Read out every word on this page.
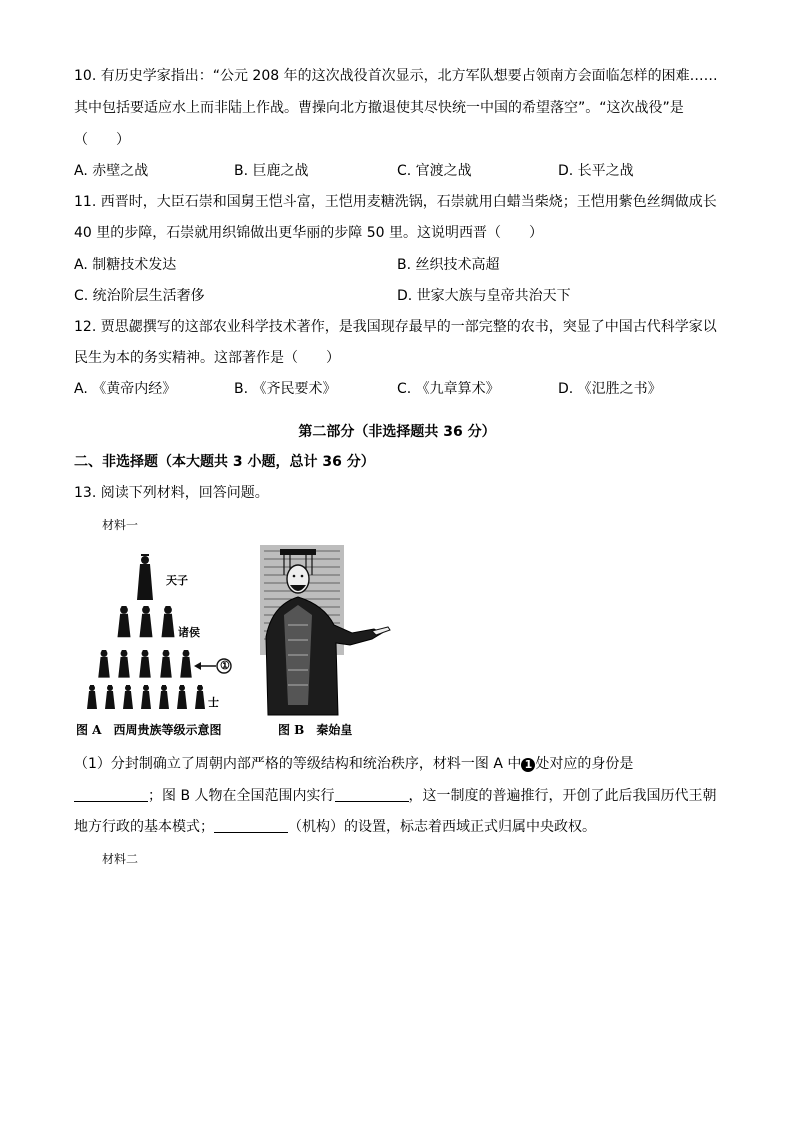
10. 有历史学家指出：“公元 208 年的这次战役首次显示，北方军队想要占领南方会面临怎样的困难……
其中包括要适应水上而非陆上作战。曹操向北方撤退使其尽快统一中国的希望落空”。“这次战役”是
（　　）
A. 赤壁之战	B. 巨鹿之战	C. 官渡之战	D. 长平之战
11. 西晋时，大臣石崇和国舅王恺斗富，王恺用麦糖洗锅，石崇就用白蜡当柴烧；王恺用紫色丝绸做成长
40 里的步障，石崇就用织锦做出更华丽的步障 50 里。这说明西晋（　　）
A. 制糖技术发达	B. 丝织技术高超
C. 统治阶层生活奢侈	D. 世家大族与皇帝共治天下
12. 贾思勰撰写的这部农业科学技术著作，是我国现存最早的一部完整的农书，突显了中国古代科学家以
民生为本的务实精神。这部著作是（　　）
A. 《黄帝内经》	B. 《齐民要术》	C. 《九章算术》	D. 《氾胜之书》
第二部分（非选择题共 36 分）
二、非选择题（本大题共 3 小题，总计 36 分）
13. 阅读下列材料，回答问题。
材料一
天子
诸侯
①
士
图 A　西周贵族等级示意图	图 B　秦始皇
（1）分封制确立了周朝内部严格的等级结构和统治秩序，材料一图 A 中 1 处对应的身份是
；图 B 人物在全国范围内实行	，这一制度的普遍推行，开创了此后我国历代王朝
地方行政的基本模式；	（机构）的设置，标志着西域正式归属中央政权。
材料二
